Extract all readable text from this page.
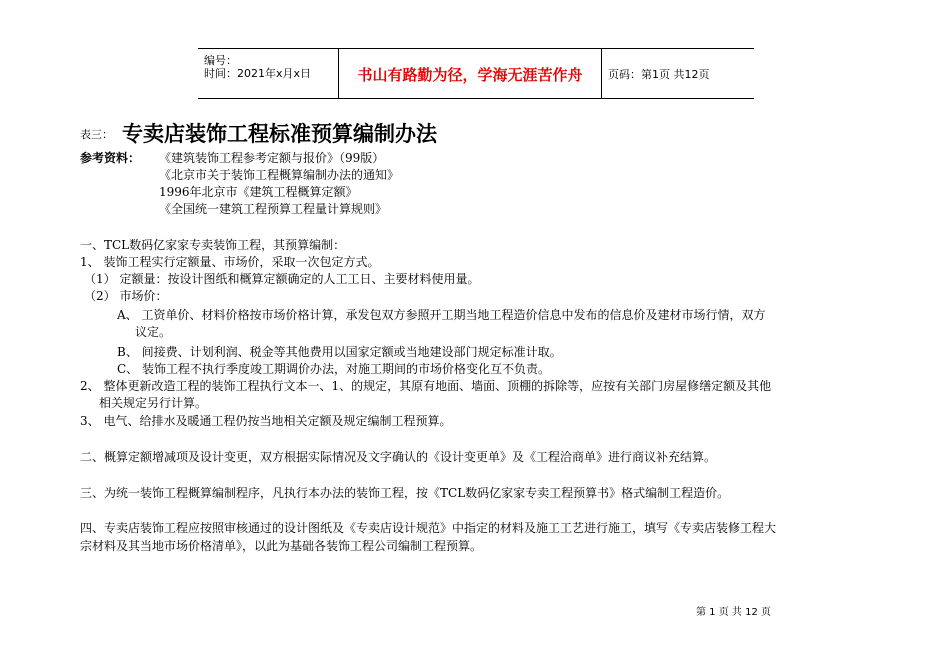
编号：
时间：2021年x月x日	书山有路勤为径，学海无涯苦作舟	页码：第1页 共12页
表三： 专卖店装饰工程标准预算编制办法
参考资料： 《建筑装饰工程参考定额与报价》（99版）
《北京市关于装饰工程概算编制办法的通知》
1996年北京市《建筑工程概算定额》
《全国统一建筑工程预算工程量计算规则》
一、TCL数码亿家家专卖装饰工程，其预算编制：
1、 装饰工程实行定额量、市场价，采取一次包定方式。
（1） 定额量：按设计图纸和概算定额确定的人工工日、主要材料使用量。
（2） 市场价：
A、 工资单价、材料价格按市场价格计算，承发包双方参照开工期当地工程造价信息中发布的信息价及建材市场行情，双方
议定。
B、 间接费、计划利润、税金等其他费用以国家定额或当地建设部门规定标准计取。
C、 装饰工程不执行季度竣工期调价办法，对施工期间的市场价格变化互不负责。
2、 整体更新改造工程的装饰工程执行文本一、1、的规定，其原有地面、墙面、顶棚的拆除等，应按有关部门房屋修缮定额及其他
相关规定另行计算。
3、 电气、给排水及暖通工程仍按当地相关定额及规定编制工程预算。
二、概算定额增减项及设计变更，双方根据实际情况及文字确认的《设计变更单》及《工程洽商单》进行商议补充结算。
三、为统一装饰工程概算编制程序，凡执行本办法的装饰工程，按《TCL数码亿家家专卖工程预算书》格式编制工程造价。
四、专卖店装饰工程应按照审核通过的设计图纸及《专卖店设计规范》中指定的材料及施工工艺进行施工，填写《专卖店装修工程大
宗材料及其当地市场价格清单》，以此为基础各装饰工程公司编制工程预算。
第 1 页 共 12 页
